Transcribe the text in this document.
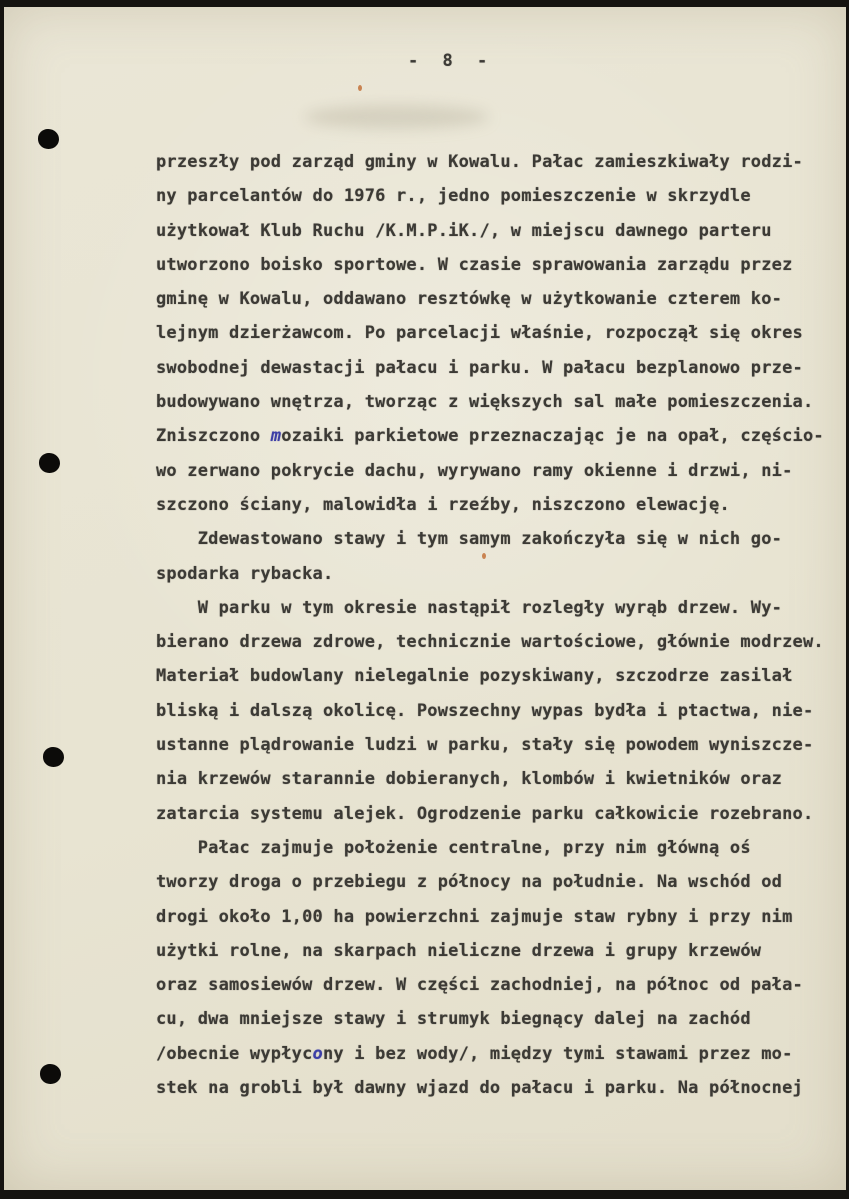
- 8 -
przeszły pod zarząd gminy w Kowalu. Pałac zamieszkiwały rodzi-
ny parcelantów do 1976 r., jedno pomieszczenie w skrzydle
użytkował Klub Ruchu /K.M.P.iK./, w miejscu dawnego parteru
utworzono boisko sportowe. W czasie sprawowania zarządu przez
gminę w Kowalu, oddawano resztówkę w użytkowanie czterem ko-
lejnym dzierżawcom. Po parcelacji właśnie, rozpoczął się okres
swobodnej dewastacji pałacu i parku. W pałacu bezplanowo prze-
budowywano wnętrza, tworząc z większych sal małe pomieszczenia.
Zniszczono mozaiki parkietowe przeznaczając je na opał, częścio-
wo zerwano pokrycie dachu, wyrywano ramy okienne i drzwi, ni-
szczono ściany, malowidła i rzeźby, niszczono elewację.
Zdewastowano stawy i tym samym zakończyła się w nich go-
spodarka rybacka.
W parku w tym okresie nastąpił rozległy wyrąb drzew. Wy-
bierano drzewa zdrowe, technicznie wartościowe, głównie modrzew.
Materiał budowlany nielegalnie pozyskiwany, szczodrze zasilał
bliską i dalszą okolicę. Powszechny wypas bydła i ptactwa, nie-
ustanne plądrowanie ludzi w parku, stały się powodem wyniszcze-
nia krzewów starannie dobieranych, klombów i kwietników oraz
zatarcia systemu alejek. Ogrodzenie parku całkowicie rozebrano.
Pałac zajmuje położenie centralne, przy nim główną oś
tworzy droga o przebiegu z północy na południe. Na wschód od
drogi około 1,00 ha powierzchni zajmuje staw rybny i przy nim
użytki rolne, na skarpach nieliczne drzewa i grupy krzewów
oraz samosiewów drzew. W części zachodniej, na północ od pała-
cu, dwa mniejsze stawy i strumyk biegnący dalej na zachód
/obecnie wypłycony i bez wody/, między tymi stawami przez mo-
stek na grobli był dawny wjazd do pałacu i parku. Na północnej
